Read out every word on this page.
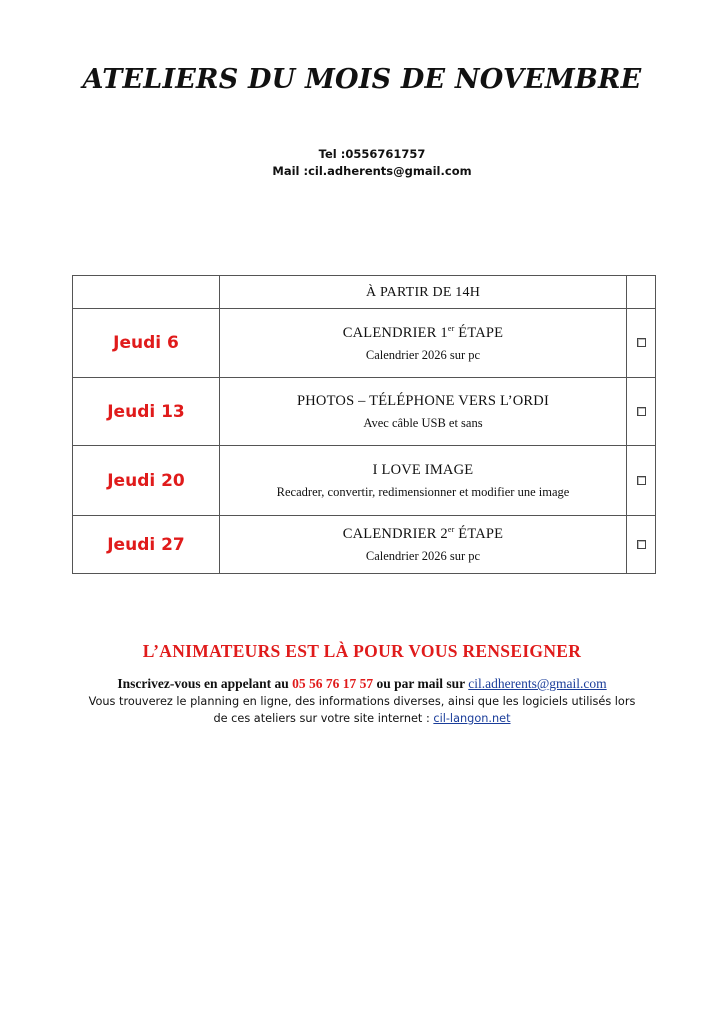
ATELIERS DU MOIS DE NOVEMBRE
Tel :0556761757
Mail :cil.adherents@gmail.com
	À PARTIR DE 14H	
Jeudi 6	CALENDRIER 1er ÉTAPE
Calendrier 2026 sur pc	

Jeudi 13	PHOTOS – TÉLÉPHONE VERS L’ORDI
Avec câble USB et sans	

Jeudi 20	I LOVE IMAGE
Recadrer, convertir, redimensionner et modifier une image	

Jeudi 27	CALENDRIER 2er ÉTAPE
Calendrier 2026 sur pc	

L’ANIMATEURS EST LÀ POUR VOUS RENSEIGNER
Inscrivez-vous en appelant au 05 56 76 17 57 ou par mail sur cil.adherents@gmail.com
Vous trouverez le planning en ligne, des informations diverses, ainsi que les logiciels utilisés lors
de ces ateliers sur votre site internet : cil-langon.net
